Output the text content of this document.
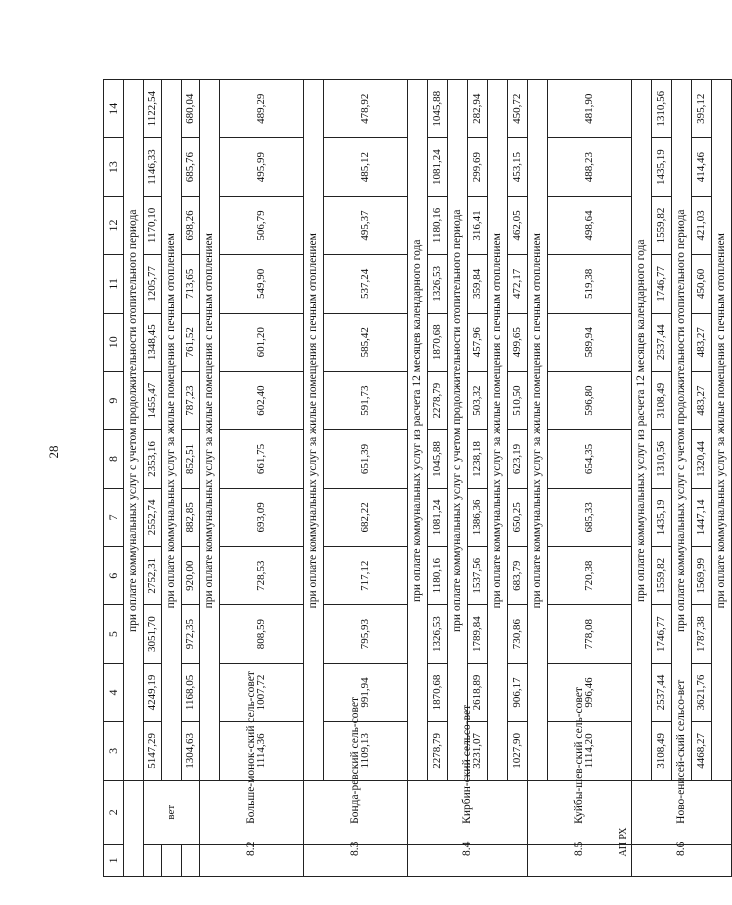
28
АП РХ
1	2	3	4	5	6	7	8	9	10	11	12	13	14
		при оплате коммунальных услуг с учетом продолжительности отопительного периода											
	вет	5147,29	4249,19	3051,70	2752,31	2552,74	2353,16	1455,47	1348,45	1205,77	1170,10	1146,33	1122,54
		при оплате коммунальных услуг за жилые помещения с печным отоплением											
		1304,63	1168,05	972,35	920,00	882,85	852,51	787,23	761,52	713,65	698,26	685,76	680,04
8.2	Больше-монок-ский сель-совет	при оплате коммунальных услуг за жилые помещения с печным отоплением											
		1114,36	1007,72	808,59	728,53	693,09	661,75	602,40	601,20	549,90	506,79	495,99	489,29
8.3	Бонда-ревский сель-совет	при оплате коммунальных услуг за жилые помещения с печным отоплением											
		1109,13	991,94	795,93	717,12	682,22	651,39	591,73	585,42	537,24	495,37	485,12	478,92
8.4	Кирбин-ский сельсо-вет	при оплате коммунальных услуг из расчета 12 месяцев календарного года											
		2278,79	1870,68	1326,53	1180,16	1081,24	1045,88	2278,79	1870,68	1326,53	1180,16	1081,24	1045,88
		при оплате коммунальных услуг с учетом продолжительности отопительного периода											
		3231,07	2618,89	1789,84	1537,56	1386,36	1238,18	503,32	457,96	359,84	316,41	299,69	282,94
		при оплате коммунальных услуг за жилые помещения с печным отоплением											
		1027,90	906,17	730,86	683,79	650,25	623,19	510,50	499,65	472,17	462,05	453,15	450,72
8.5	Куйбы-шев-ский сель-совет	при оплате коммунальных услуг за жилые помещения с печным отоплением											
		1114,20	996,46	778,08	720,38	685,33	654,35	596,80	589,94	519,38	498,64	488,23	481,90
8.6	Ново-енисей-ский сельсо-вет	при оплате коммунальных услуг из расчета 12 месяцев календарного года											
		3108,49	2537,44	1746,77	1559,82	1435,19	1310,56	3108,49	2537,44	1746,77	1559,82	1435,19	1310,56
		при оплате коммунальных услуг с учетом продолжительности отопительного периода											
		4468,27	3621,76	1787,38	1569,99	1447,14	1320,44	483,27	483,27	450,60	421,03	414,46	395,12
		при оплате коммунальных услуг за жилые помещения с печным отоплением											
